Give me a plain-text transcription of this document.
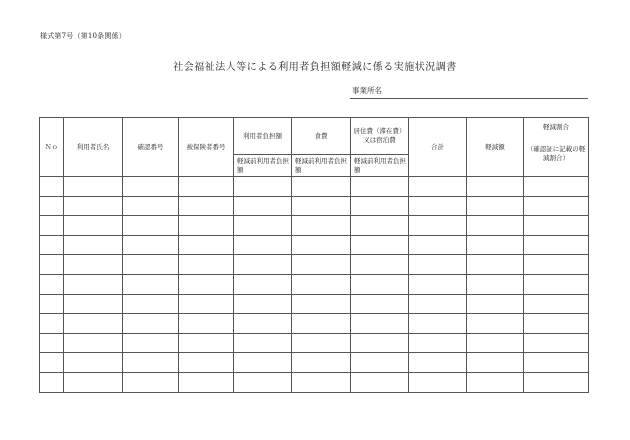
様式第7号（第10条関係）
社会福祉法人等による利用者負担額軽減に係る実施状況調書
事業所名
Ｎｏ	利用者氏名	確認番号	被保険者番号	利用者負担額	食費	居住費（滞在費）又は宿泊費	合計	軽減額	軽減割合
（確認証に記載の軽減割合）

				軽減前利用者負担額	軽減前利用者負担額	軽減前利用者負担額			
